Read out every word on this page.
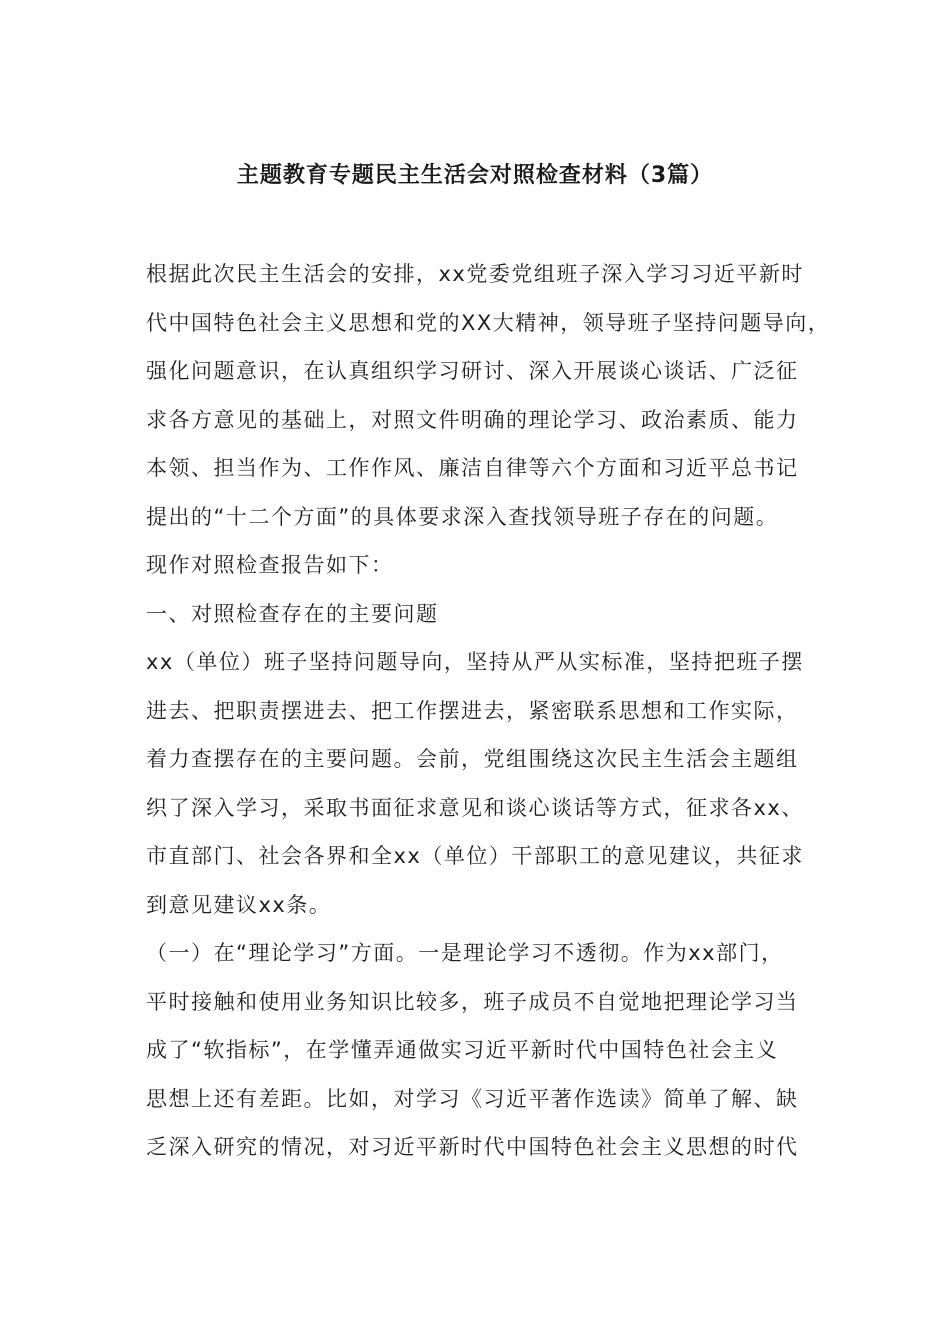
主题教育专题民主生活会对照检查材料（3篇）
根据此次民主生活会的安排，xx党委党组班子深入学习习近平新时
代中国特色社会主义思想和党的XX大精神，领导班子坚持问题导向，
强化问题意识，在认真组织学习研讨、深入开展谈心谈话、广泛征
求各方意见的基础上，对照文件明确的理论学习、政治素质、能力
本领、担当作为、工作作风、廉洁自律等六个方面和习近平总书记
提出的“十二个方面”的具体要求深入查找领导班子存在的问题。
现作对照检查报告如下：
一、对照检查存在的主要问题
xx（单位）班子坚持问题导向，坚持从严从实标准，坚持把班子摆
进去、把职责摆进去、把工作摆进去，紧密联系思想和工作实际，
着力查摆存在的主要问题。会前，党组围绕这次民主生活会主题组
织了深入学习，采取书面征求意见和谈心谈话等方式，征求各xx、
市直部门、社会各界和全xx（单位）干部职工的意见建议，共征求
到意见建议xx条。
（一）在“理论学习”方面。一是理论学习不透彻。作为xx部门，
平时接触和使用业务知识比较多，班子成员不自觉地把理论学习当
成了“软指标”，在学懂弄通做实习近平新时代中国特色社会主义
思想上还有差距。比如，对学习《习近平著作选读》简单了解、缺
乏深入研究的情况，对习近平新时代中国特色社会主义思想的时代
